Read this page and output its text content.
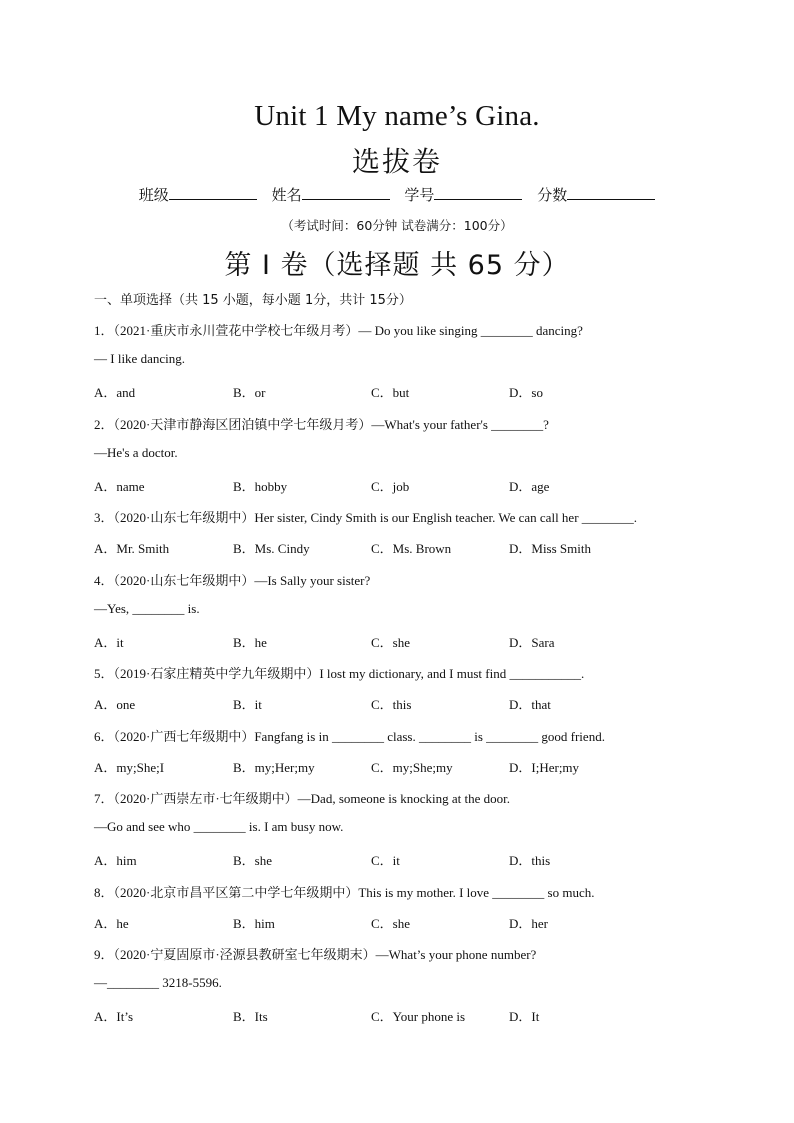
Unit 1 My name’s Gina.
选拔卷
班级	姓名	学号	分数
（考试时间：60分钟 试卷满分：100分）
第 I 卷（选择题 共 65 分）
一、单项选择（共 15 小题，每小题 1分，共计 15分）
1．（2021·重庆市永川萱花中学校七年级月考）— Do you like singing ________ dancing?
— I like dancing.
A．and	B．or	C．but	D．so
2．（2020·天津市静海区团泊镇中学七年级月考）—What's your father's ________?
—He's a doctor.
A．name	B．hobby	C．job	D．age
3．（2020·山东七年级期中）Her sister, Cindy Smith is our English teacher. We can call her ________.
A．Mr. Smith	B．Ms. Cindy	C．Ms. Brown	D．Miss Smith
4．（2020·山东七年级期中）—Is Sally your sister?
—Yes, ________ is.
A．it	B．he	C．she	D．Sara
5．（2019·石家庄精英中学九年级期中）I lost my dictionary, and I must find ___________.
A．one	B．it	C．this	D．that
6．（2020·广西七年级期中）Fangfang is in ________ class. ________ is ________ good friend.
A．my;She;I	B．my;Her;my	C．my;She;my	D．I;Her;my
7．（2020·广西崇左市·七年级期中）—Dad, someone is knocking at the door.
—Go and see who ________ is. I am busy now.
A．him	B．she	C．it	D．this
8．（2020·北京市昌平区第二中学七年级期中）This is my mother. I love ________ so much.
A．he	B．him	C．she	D．her
9．（2020·宁夏固原市·泾源县教研室七年级期末）—What’s your phone number?
—________ 3218-5596.
A．It’s	B．Its	C．Your phone is	D．It
